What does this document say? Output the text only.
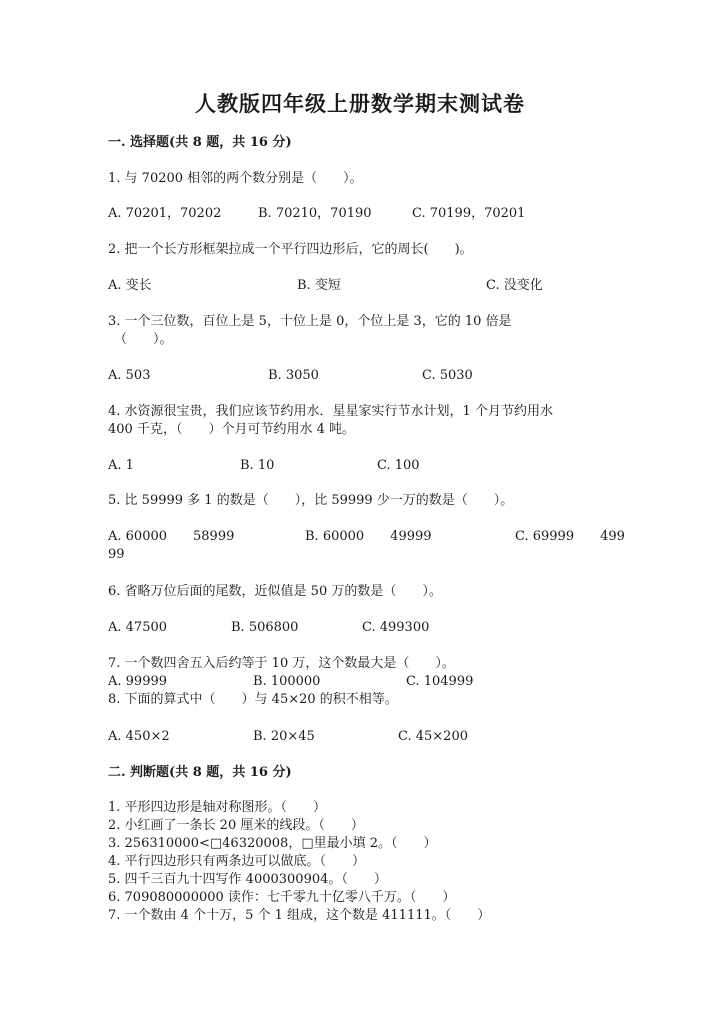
人教版四年级上册数学期末测试卷
一. 选择题(共 8 题，共 16 分)
1. 与 70200 相邻的两个数分别是（　　）。
A. 70201，70202	B. 70210，70190	C. 70199，70201
2. 把一个长方形框架拉成一个平行四边形后，它的周长(　　)。
A. 变长	B. 变短	C. 没变化
3. 一个三位数，百位上是 5，十位上是 0，个位上是 3，它的 10 倍是
（　　）。
A. 503	B. 3050	C. 5030
4. 水资源很宝贵，我们应该节约用水．星星家实行节水计划，1 个月节约用水
400 千克，（　　）个月可节约用水 4 吨。
A. 1	B. 10	C. 100
5. 比 59999 多 1 的数是（　　），比 59999 少一万的数是（　　）。
A. 60000　　58999	B. 60000　　49999	C. 69999　　499
99
6. 省略万位后面的尾数，近似值是 50 万的数是（　　）。
A. 47500	B. 506800	C. 499300
7. 一个数四舍五入后约等于 10 万，这个数最大是（　　）。
A. 99999	B. 100000	C. 104999
8. 下面的算式中（　　）与 45×20 的积不相等。
A. 450×2	B. 20×45	C. 45×200
二. 判断题(共 8 题，共 16 分)
1. 平形四边形是轴对称图形。（　　）
2. 小红画了一条长 20 厘米的线段。（　　）
3. 256310000<□46320008，□里最小填 2。（　　）
4. 平行四边形只有两条边可以做底。（　　）
5. 四千三百九十四写作 4000300904。（　　）
6. 709080000000 读作：七千零九十亿零八千万。（　　）
7. 一个数由 4 个十万，5 个 1 组成，这个数是 411111。（　　）
